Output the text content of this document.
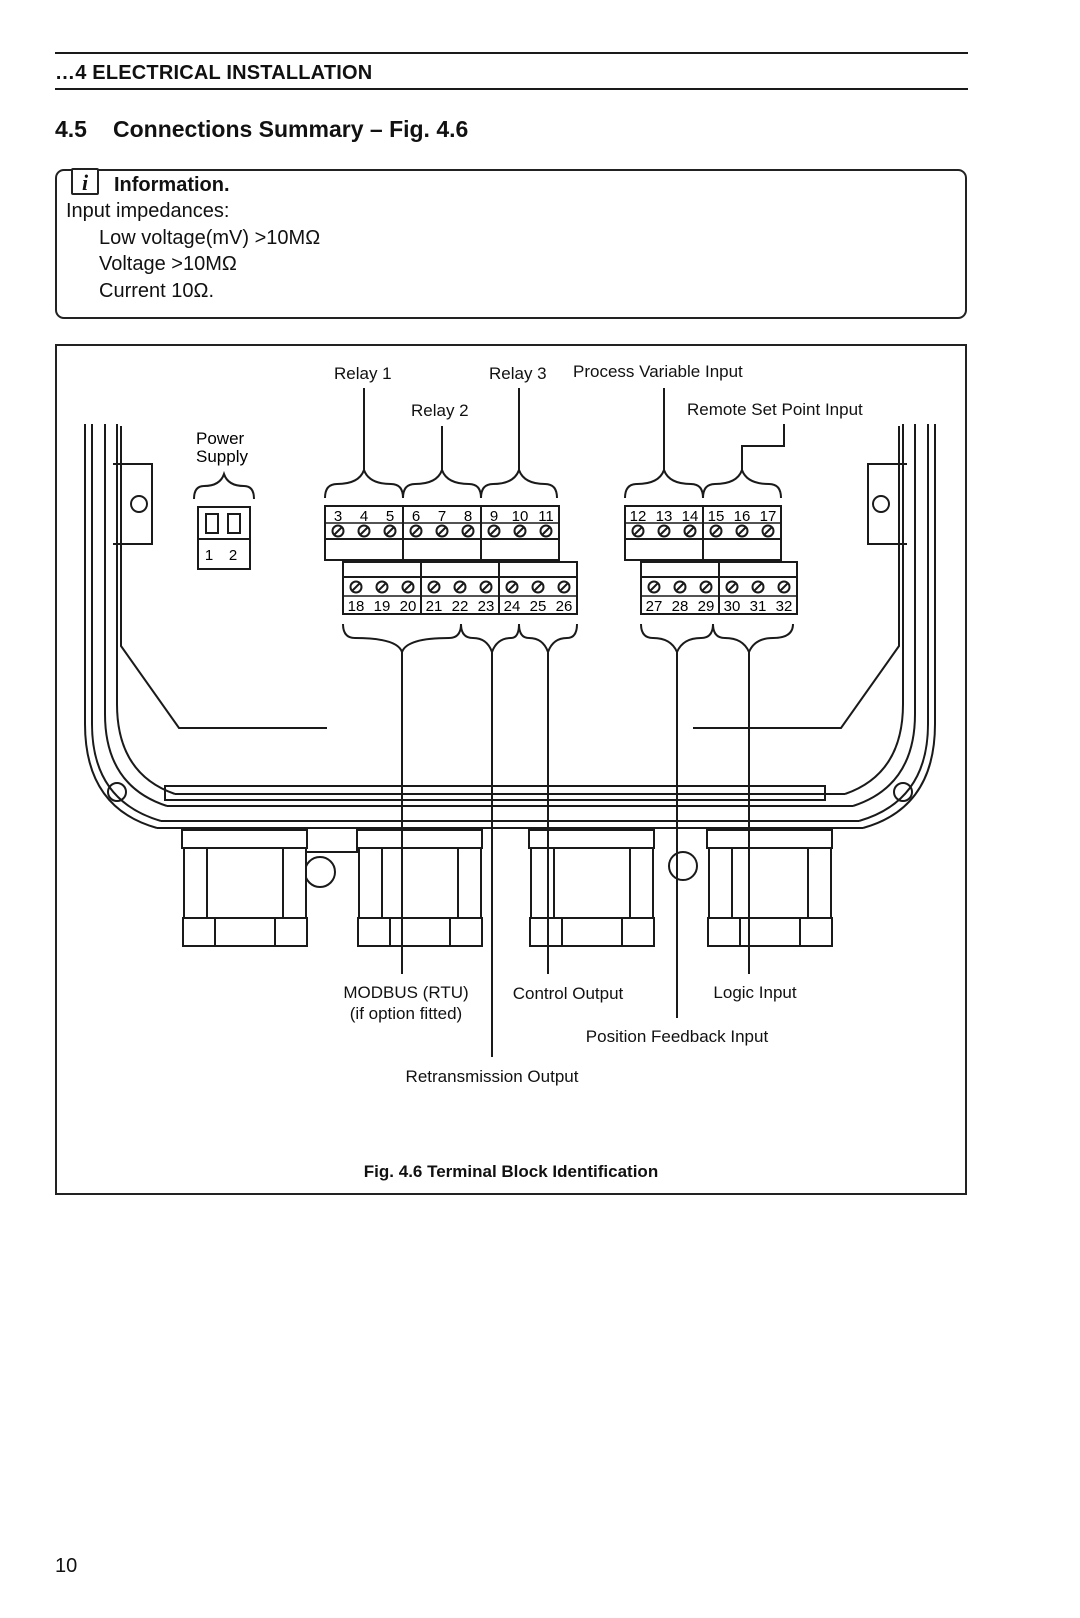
…4 ELECTRICAL INSTALLATION
4.5 Connections Summary – Fig. 4.6
i	Information.
Input impedances:
Low voltage(mV) >10MΩ
Voltage >10MΩ
Current 10Ω.
1 2
Power
Supply
3 4 5 6 7 8 9 10 11	12 13 14 15 16 17
18 19 20 21 22 23 24 25 26	27 28 29 30 31 32
Relay 1
Relay 2
Relay 3 Process Variable Input
Remote Set Point Input
MODBUS (RTU)
(if option fitted)
Control Output	Logic Input
Position Feedback Input
Retransmission Output
Fig. 4.6 Terminal Block Identification
10
